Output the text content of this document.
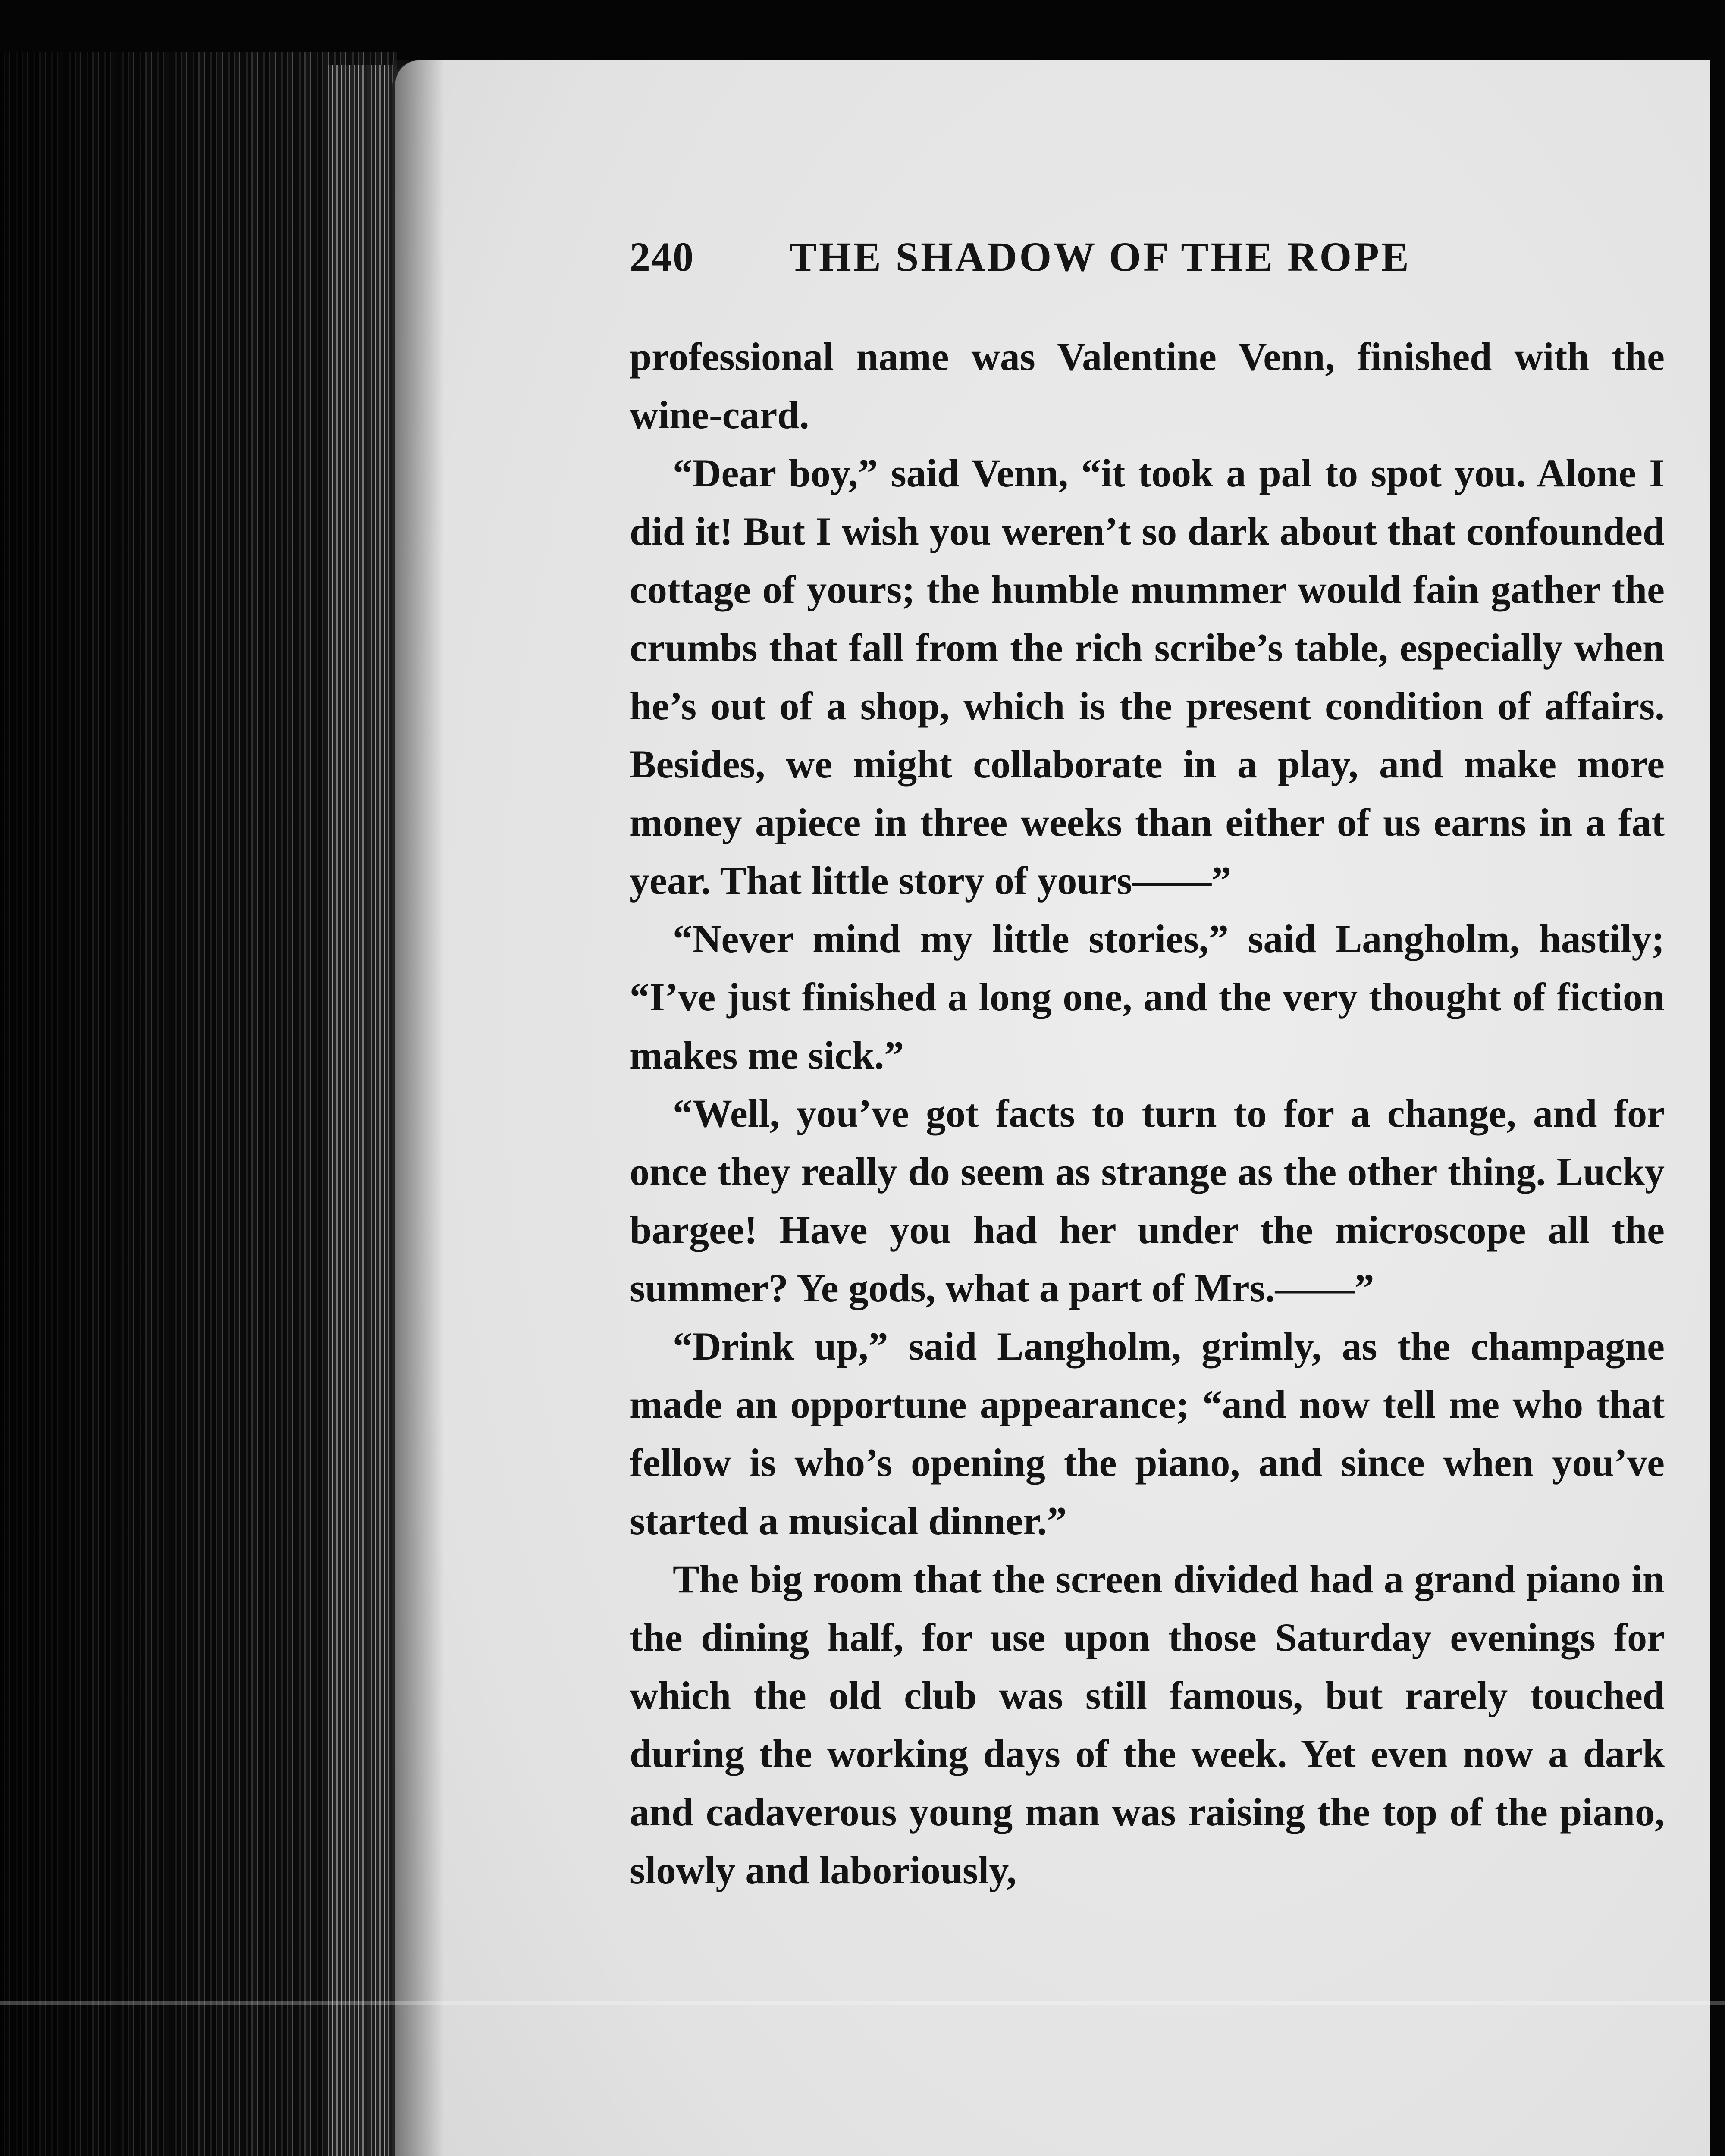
240 THE SHADOW OF THE ROPE

professional name was Valentine Venn, finished with the wine-card.

“Dear boy,” said Venn, “it took a pal to spot you. Alone I did it! But I wish you weren’t so dark about that confounded cottage of yours; the humble mummer would fain gather the crumbs that fall from the rich scribe’s table, especially when he’s out of a shop, which is the present condition of affairs. Besides, we might collaborate in a play, and make more money apiece in three weeks than either of us earns in a fat year. That little story of yours——”

“Never mind my little stories,” said Langholm, hastily; “I’ve just finished a long one, and the very thought of fiction makes me sick.”

“Well, you’ve got facts to turn to for a change, and for once they really do seem as strange as the other thing. Lucky bargee! Have you had her under the microscope all the summer? Ye gods, what a part of Mrs.——”

“Drink up,” said Langholm, grimly, as the champagne made an opportune appearance; “and now tell me who that fellow is who’s opening the piano, and since when you’ve started a musical dinner.”

The big room that the screen divided had a grand piano in the dining half, for use upon those Saturday evenings for which the old club was still famous, but rarely touched during the working days of the week. Yet even now a dark and cadaverous young man was raising the top of the piano, slowly and laboriously,
